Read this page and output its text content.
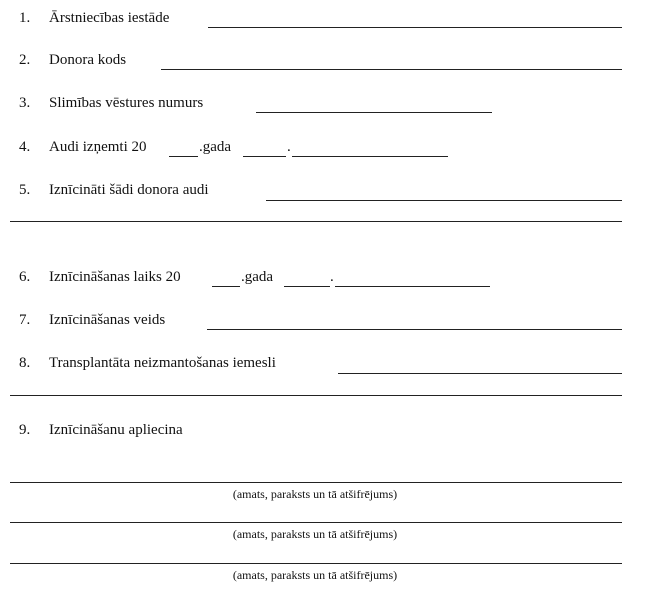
1. Ārstniecības iestāde
2. Donora kods
3. Slimības vēstures numurs
4. Audi izņemti 20	.gada	.
5. Iznīcināti šādi donora audi
6. Iznīcināšanas laiks 20	.gada	.
7. Iznīcināšanas veids
8. Transplantāta neizmantošanas iemesli
9. Iznīcināšanu apliecina
(amats, paraksts un tā atšifrējums)
(amats, paraksts un tā atšifrējums)
(amats, paraksts un tā atšifrējums)
